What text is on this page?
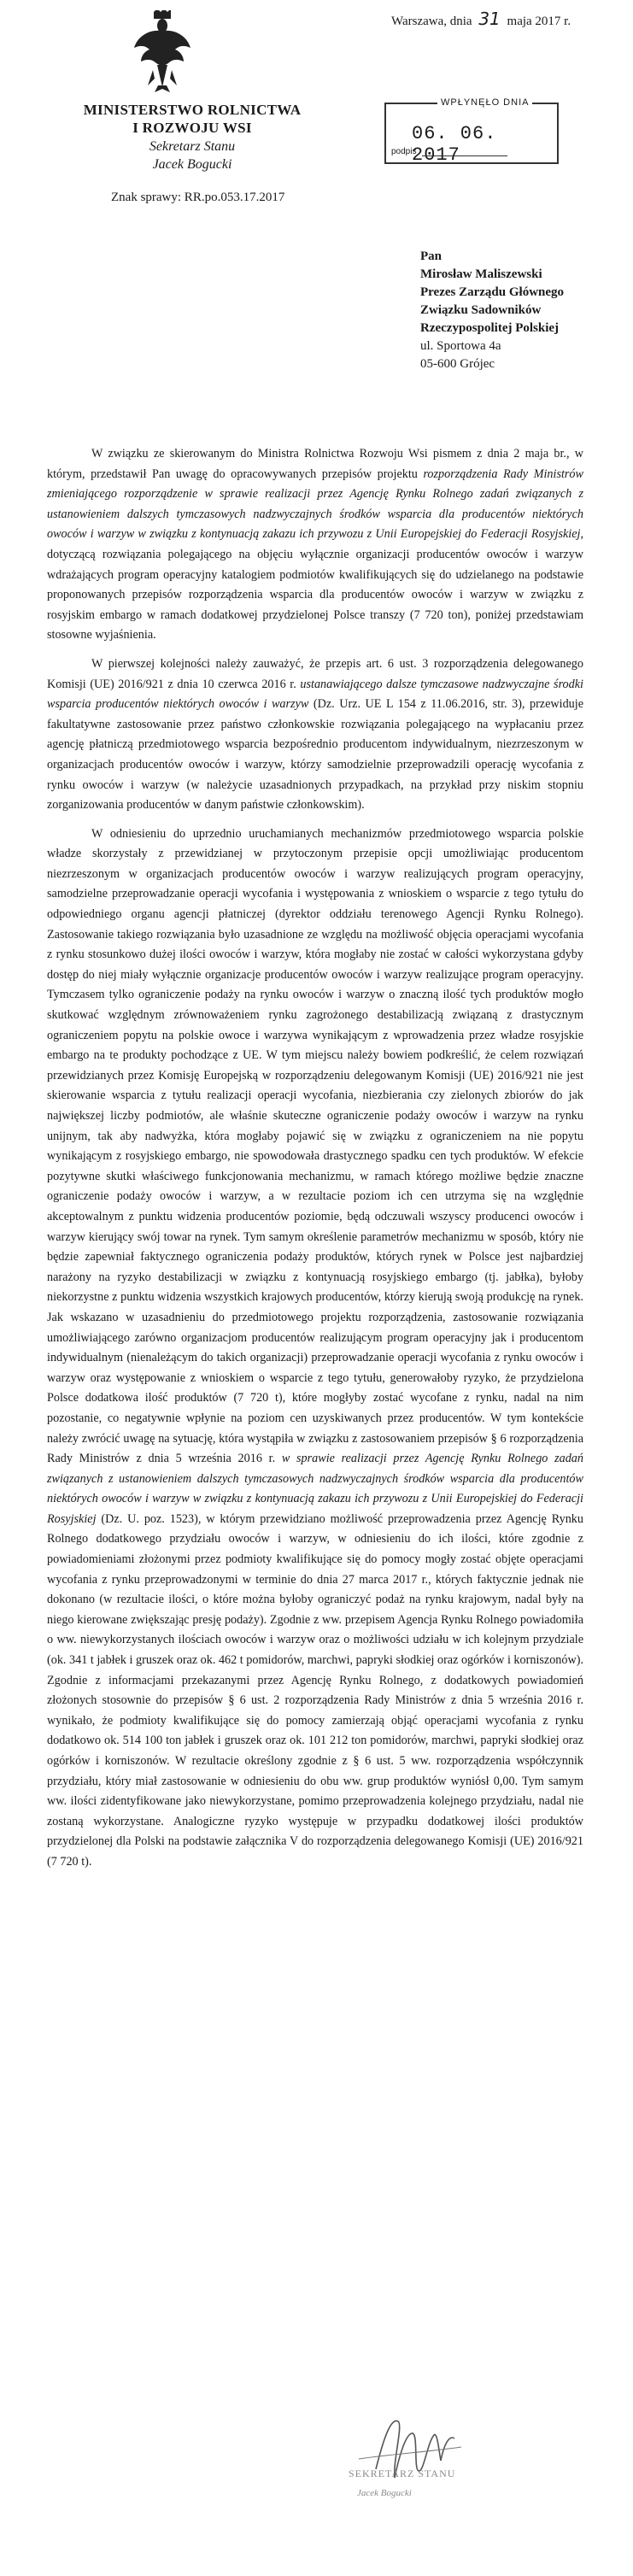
MINISTERSTWO ROLNICTWA
I ROZWOJU WSI
Sekretarz Stanu
Jacek Bogucki
Znak sprawy: RR.po.053.17.2017
Warszawa, dnia 31 maja 2017 r.
WPŁYNĘŁO DNIA
06. 06. 2017
podpis
Pan
Mirosław Maliszewski
Prezes Zarządu Głównego
Związku Sadowników
Rzeczypospolitej Polskiej
ul. Sportowa 4a
05-600 Grójec

W związku ze skierowanym do Ministra Rolnictwa Rozwoju Wsi pismem z dnia 2 maja br., w którym, przedstawił Pan uwagę do opracowywanych przepisów projektu rozporządzenia Rady Ministrów zmieniającego rozporządzenie w sprawie realizacji przez Agencję Rynku Rolnego zadań związanych z ustanowieniem dalszych tymczasowych nadzwyczajnych środków wsparcia dla producentów niektórych owoców i warzyw w związku z kontynuacją zakazu ich przywozu z Unii Europejskiej do Federacji Rosyjskiej, dotyczącą rozwiązania polegającego na objęciu wyłącznie organizacji producentów owoców i warzyw wdrażających program operacyjny katalogiem podmiotów kwalifikujących się do udzielanego na podstawie proponowanych przepisów rozporządzenia wsparcia dla producentów owoców i warzyw w związku z rosyjskim embargo w ramach dodatkowej przydzielonej Polsce transzy (7 720 ton), poniżej przedstawiam stosowne wyjaśnienia.

W pierwszej kolejności należy zauważyć, że przepis art. 6 ust. 3 rozporządzenia delegowanego Komisji (UE) 2016/921 z dnia 10 czerwca 2016 r. ustanawiającego dalsze tymczasowe nadzwyczajne środki wsparcia producentów niektórych owoców i warzyw (Dz. Urz. UE L 154 z 11.06.2016, str. 3), przewiduje fakultatywne zastosowanie przez państwo członkowskie rozwiązania polegającego na wypłacaniu przez agencję płatniczą przedmiotowego wsparcia bezpośrednio producentom indywidualnym, niezrzeszonym w organizacjach producentów owoców i warzyw, którzy samodzielnie przeprowadzili operację wycofania z rynku owoców i warzyw (w należycie uzasadnionych przypadkach, na przykład przy niskim stopniu zorganizowania producentów w danym państwie członkowskim).

W odniesieniu do uprzednio uruchamianych mechanizmów przedmiotowego wsparcia polskie władze skorzystały z przewidzianej w przytoczonym przepisie opcji umożliwiając producentom niezrzeszonym w organizacjach producentów owoców i warzyw realizujących program operacyjny, samodzielne przeprowadzanie operacji wycofania i występowania z wnioskiem o wsparcie z tego tytułu do odpowiedniego organu agencji płatniczej (dyrektor oddziału terenowego Agencji Rynku Rolnego). Zastosowanie takiego rozwiązania było uzasadnione ze względu na możliwość objęcia operacjami wycofania z rynku stosunkowo dużej ilości owoców i warzyw, która mogłaby nie zostać w całości wykorzystana gdyby dostęp do niej miały wyłącznie organizacje producentów owoców i warzyw realizujące program operacyjny. Tymczasem tylko ograniczenie podaży na rynku owoców i warzyw o znaczną ilość tych produktów mogło skutkować względnym zrównoważeniem rynku zagrożonego destabilizacją związaną z drastycznym ograniczeniem popytu na polskie owoce i warzywa wynikającym z wprowadzenia przez władze rosyjskie embargo na te produkty pochodzące z UE. W tym miejscu należy bowiem podkreślić, że celem rozwiązań przewidzianych przez Komisję Europejską w rozporządzeniu delegowanym Komisji (UE) 2016/921 nie jest skierowanie wsparcia z tytułu realizacji operacji wycofania, niezbierania czy zielonych zbiorów do jak największej liczby podmiotów, ale właśnie skuteczne ograniczenie podaży owoców i warzyw na rynku unijnym, tak aby nadwyżka, która mogłaby pojawić się w związku z ograniczeniem na nie popytu wynikającym z rosyjskiego embargo, nie spowodowała drastycznego spadku cen tych produktów. W efekcie pozytywne skutki właściwego funkcjonowania mechanizmu, w ramach którego możliwe będzie znaczne ograniczenie podaży owoców i warzyw, a w rezultacie poziom ich cen utrzyma się na względnie akceptowalnym z punktu widzenia producentów poziomie, będą odczuwali wszyscy producenci owoców i warzyw kierujący swój towar na rynek. Tym samym określenie parametrów mechanizmu w sposób, który nie będzie zapewniał faktycznego ograniczenia podaży produktów, których rynek w Polsce jest najbardziej narażony na ryzyko destabilizacji w związku z kontynuacją rosyjskiego embargo (tj. jabłka), byłoby niekorzystne z punktu widzenia wszystkich krajowych producentów, którzy kierują swoją produkcję na rynek. Jak wskazano w uzasadnieniu do przedmiotowego projektu rozporządzenia, zastosowanie rozwiązania umożliwiającego zarówno organizacjom producentów realizującym program operacyjny jak i producentom indywidualnym (nienależącym do takich organizacji) przeprowadzanie operacji wycofania z rynku owoców i warzyw oraz występowanie z wnioskiem o wsparcie z tego tytułu, generowałoby ryzyko, że przydzielona Polsce dodatkowa ilość produktów (7 720 t), które mogłyby zostać wycofane z rynku, nadal na nim pozostanie, co negatywnie wpłynie na poziom cen uzyskiwanych przez producentów. W tym kontekście należy zwrócić uwagę na sytuację, która wystąpiła w związku z zastosowaniem przepisów § 6 rozporządzenia Rady Ministrów z dnia 5 września 2016 r. w sprawie realizacji przez Agencję Rynku Rolnego zadań związanych z ustanowieniem dalszych tymczasowych nadzwyczajnych środków wsparcia dla producentów niektórych owoców i warzyw w związku z kontynuacją zakazu ich przywozu z Unii Europejskiej do Federacji Rosyjskiej (Dz. U. poz. 1523), w którym przewidziano możliwość przeprowadzenia przez Agencję Rynku Rolnego dodatkowego przydziału owoców i warzyw, w odniesieniu do ich ilości, które zgodnie z powiadomieniami złożonymi przez podmioty kwalifikujące się do pomocy mogły zostać objęte operacjami wycofania z rynku przeprowadzonymi w terminie do dnia 27 marca 2017 r., których faktycznie jednak nie dokonano (w rezultacie ilości, o które można byłoby ograniczyć podaż na rynku krajowym, nadal były na niego kierowane zwiększając presję podaży). Zgodnie z ww. przepisem Agencja Rynku Rolnego powiadomiła o ww. niewykorzystanych ilościach owoców i warzyw oraz o możliwości udziału w ich kolejnym przydziale (ok. 341 t jabłek i gruszek oraz ok. 462 t pomidorów, marchwi, papryki słodkiej oraz ogórków i korniszonów). Zgodnie z informacjami przekazanymi przez Agencję Rynku Rolnego, z dodatkowych powiadomień złożonych stosownie do przepisów § 6 ust. 2 rozporządzenia Rady Ministrów z dnia 5 września 2016 r. wynikało, że podmioty kwalifikujące się do pomocy zamierzają objąć operacjami wycofania z rynku dodatkowo ok. 514 100 ton jabłek i gruszek oraz ok. 101 212 ton pomidorów, marchwi, papryki słodkiej oraz ogórków i korniszonów. W rezultacie określony zgodnie z § 6 ust. 5 ww. rozporządzenia współczynnik przydziału, który miał zastosowanie w odniesieniu do obu ww. grup produktów wyniósł 0,00. Tym samym ww. ilości zidentyfikowane jako niewykorzystane, pomimo przeprowadzenia kolejnego przydziału, nadal nie zostaną wykorzystane. Analogiczne ryzyko występuje w przypadku dodatkowej ilości produktów przydzielonej dla Polski na podstawie załącznika V do rozporządzenia delegowanego Komisji (UE) 2016/921 (7 720 t).

SEKRETARZ STANU
Jacek Bogucki
